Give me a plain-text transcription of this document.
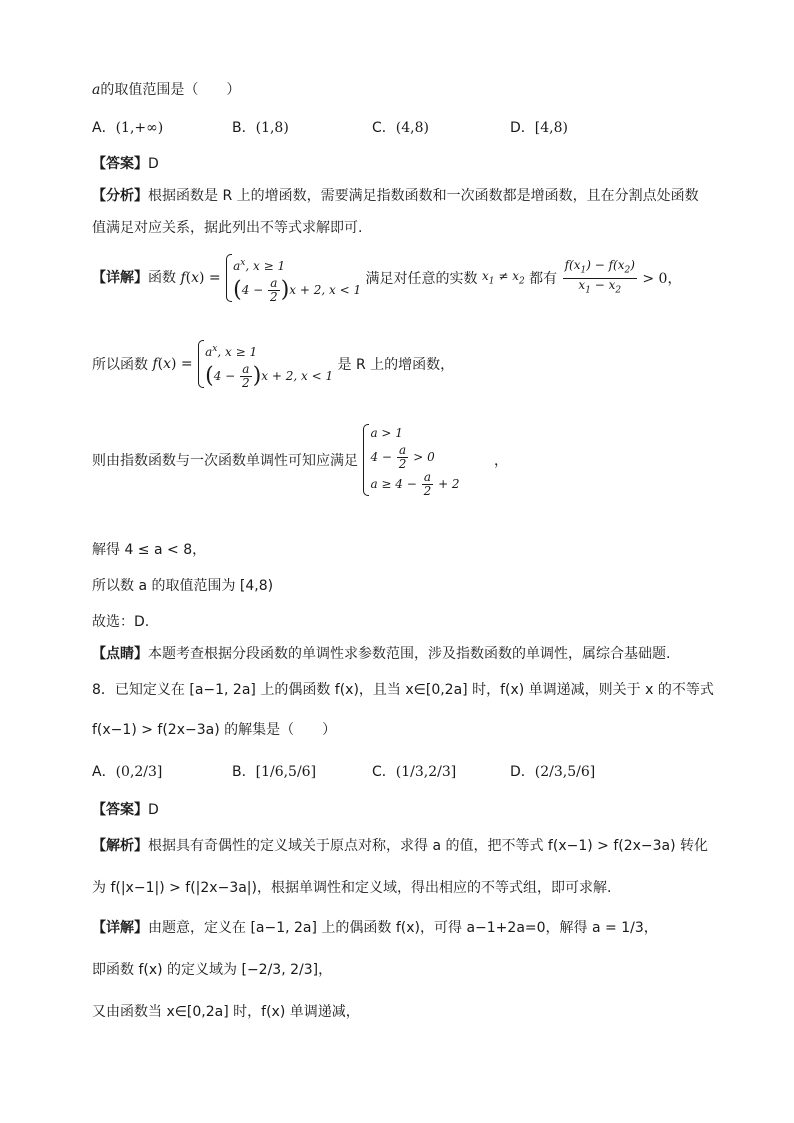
a的取值范围是（　　）
A．(1,+∞)	B．(1,8)	C．(4,8)	D．[4,8)
【答案】D
【分析】根据函数是 R 上的增函数，需要满足指数函数和一次函数都是增函数，且在分割点处函数
值满足对应关系，据此列出不等式求解即可.
【详解】函数 f(x) =
$a^x$, x ≥ 1
$(4 - \frac{a}{2} )x + 2$, x < 1
满足对任意的实数 $x_1 \ne x_2$ 都有 $\frac{f(x_1) - f(x_2)}{x_1 - x_2} > 0$，
所以函数 f(x) =
$a^x$, x ≥ 1
$(4 - \frac{a}{2} )x + 2$, x < 1
是 R 上的增函数，
则由指数函数与一次函数单调性可知应满足
a > 1
$4 - \frac{a}{2} > 0$
$a \ge 4 - \frac{a}{2} + 2$
，
解得 4 ≤ a < 8，
所以数 a 的取值范围为 [4,8)
故选：D.
【点睛】本题考查根据分段函数的单调性求参数范围，涉及指数函数的单调性，属综合基础题.
8．已知定义在 [a−1, 2a] 上的偶函数 f(x)，且当 x∈[0,2a] 时，f(x) 单调递减，则关于 x 的不等式
f(x−1) > f(2x−3a) 的解集是（　　）
A．(0,2/3]	B．[1/6,5/6]	C．(1/3,2/3]	D．(2/3,5/6]
【答案】D
【解析】根据具有奇偶性的定义域关于原点对称，求得 a 的值，把不等式 f(x−1) > f(2x−3a) 转化
为 f(|x−1|) > f(|2x−3a|)，根据单调性和定义域，得出相应的不等式组，即可求解.
【详解】由题意，定义在 [a−1, 2a] 上的偶函数 f(x)，可得 a−1+2a=0，解得 a = 1/3，
即函数 f(x) 的定义域为 [−2/3, 2/3]，
又由函数当 x∈[0,2a] 时，f(x) 单调递减，
